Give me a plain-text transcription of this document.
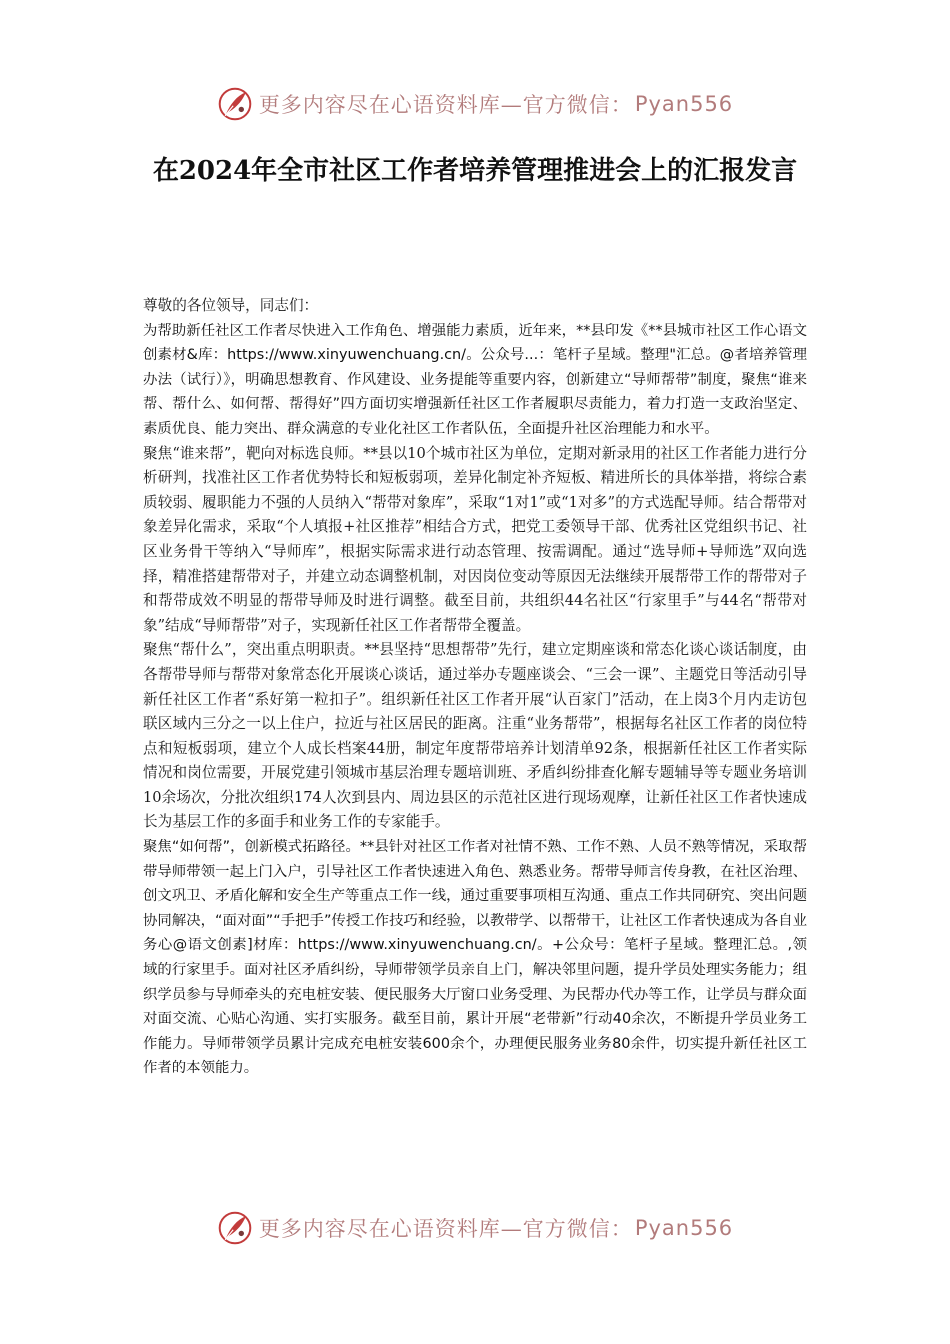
更多内容尽在心语资料库—官方微信： Pyan556
在2024年全市社区工作者培养管理推进会上的汇报发言

尊敬的各位领导，同志们：

为帮助新任社区工作者尽快进入工作角色、增强能力素质，近年来，**县印发《**县城市社区工作心语文创素材&库：https://www.xinyuwenchuang.cn/。公众号...：笔杆子星域。整理"汇总。@者培养管理办法（试行）》，明确思想教育、作风建设、业务提能等重要内容，创新建立“导师帮带”制度，聚焦“谁来帮、帮什么、如何帮、帮得好”四方面切实增强新任社区工作者履职尽责能力，着力打造一支政治坚定、素质优良、能力突出、群众满意的专业化社区工作者队伍，全面提升社区治理能力和水平。

聚焦“谁来帮”，靶向对标选良师。**县以10个城市社区为单位，定期对新录用的社区工作者能力进行分析研判，找准社区工作者优势特长和短板弱项，差异化制定补齐短板、精进所长的具体举措，将综合素质较弱、履职能力不强的人员纳入“帮带对象库”，采取“1对1”或“1对多”的方式选配导师。结合帮带对象差异化需求，采取“个人填报+社区推荐”相结合方式，把党工委领导干部、优秀社区党组织书记、社区业务骨干等纳入“导师库”，根据实际需求进行动态管理、按需调配。通过“选导师+导师选”双向选择，精准搭建帮带对子，并建立动态调整机制，对因岗位变动等原因无法继续开展帮带工作的帮带对子和帮带成效不明显的帮带导师及时进行调整。截至目前，共组织44名社区“行家里手”与44名“帮带对象”结成“导师帮带”对子，实现新任社区工作者帮带全覆盖。

聚焦“帮什么”，突出重点明职责。**县坚持“思想帮带”先行，建立定期座谈和常态化谈心谈话制度，由各帮带导师与帮带对象常态化开展谈心谈话，通过举办专题座谈会、“三会一课”、主题党日等活动引导新任社区工作者“系好第一粒扣子”。组织新任社区工作者开展“认百家门”活动，在上岗3个月内走访包联区域内三分之一以上住户，拉近与社区居民的距离。注重“业务帮带”，根据每名社区工作者的岗位特点和短板弱项，建立个人成长档案44册，制定年度帮带培养计划清单92条，根据新任社区工作者实际情况和岗位需要，开展党建引领城市基层治理专题培训班、矛盾纠纷排查化解专题辅导等专题业务培训10余场次，分批次组织174人次到县内、周边县区的示范社区进行现场观摩，让新任社区工作者快速成长为基层工作的多面手和业务工作的专家能手。

聚焦“如何帮”，创新模式拓路径。**县针对社区工作者对社情不熟、工作不熟、人员不熟等情况，采取帮带导师带领一起上门入户，引导社区工作者快速进入角色、熟悉业务。帮带导师言传身教，在社区治理、创文巩卫、矛盾化解和安全生产等重点工作一线，通过重要事项相互沟通、重点工作共同研究、突出问题协同解决，“面对面”“手把手”传授工作技巧和经验，以教带学、以帮带干，让社区工作者快速成为各自业务心@语文创素]材库：https://www.xinyuwenchuang.cn/。+公众号：笔杆子星域。整理汇总。,领域的行家里手。面对社区矛盾纠纷，导师带领学员亲自上门，解决邻里问题，提升学员处理实务能力；组织学员参与导师牵头的充电桩安装、便民服务大厅窗口业务受理、为民帮办代办等工作，让学员与群众面对面交流、心贴心沟通、实打实服务。截至目前，累计开展“老带新”行动40余次，不断提升学员业务工作能力。导师带领学员累计完成充电桩安装600余个，办理便民服务业务80余件，切实提升新任社区工作者的本领能力。

更多内容尽在心语资料库—官方微信： Pyan556
